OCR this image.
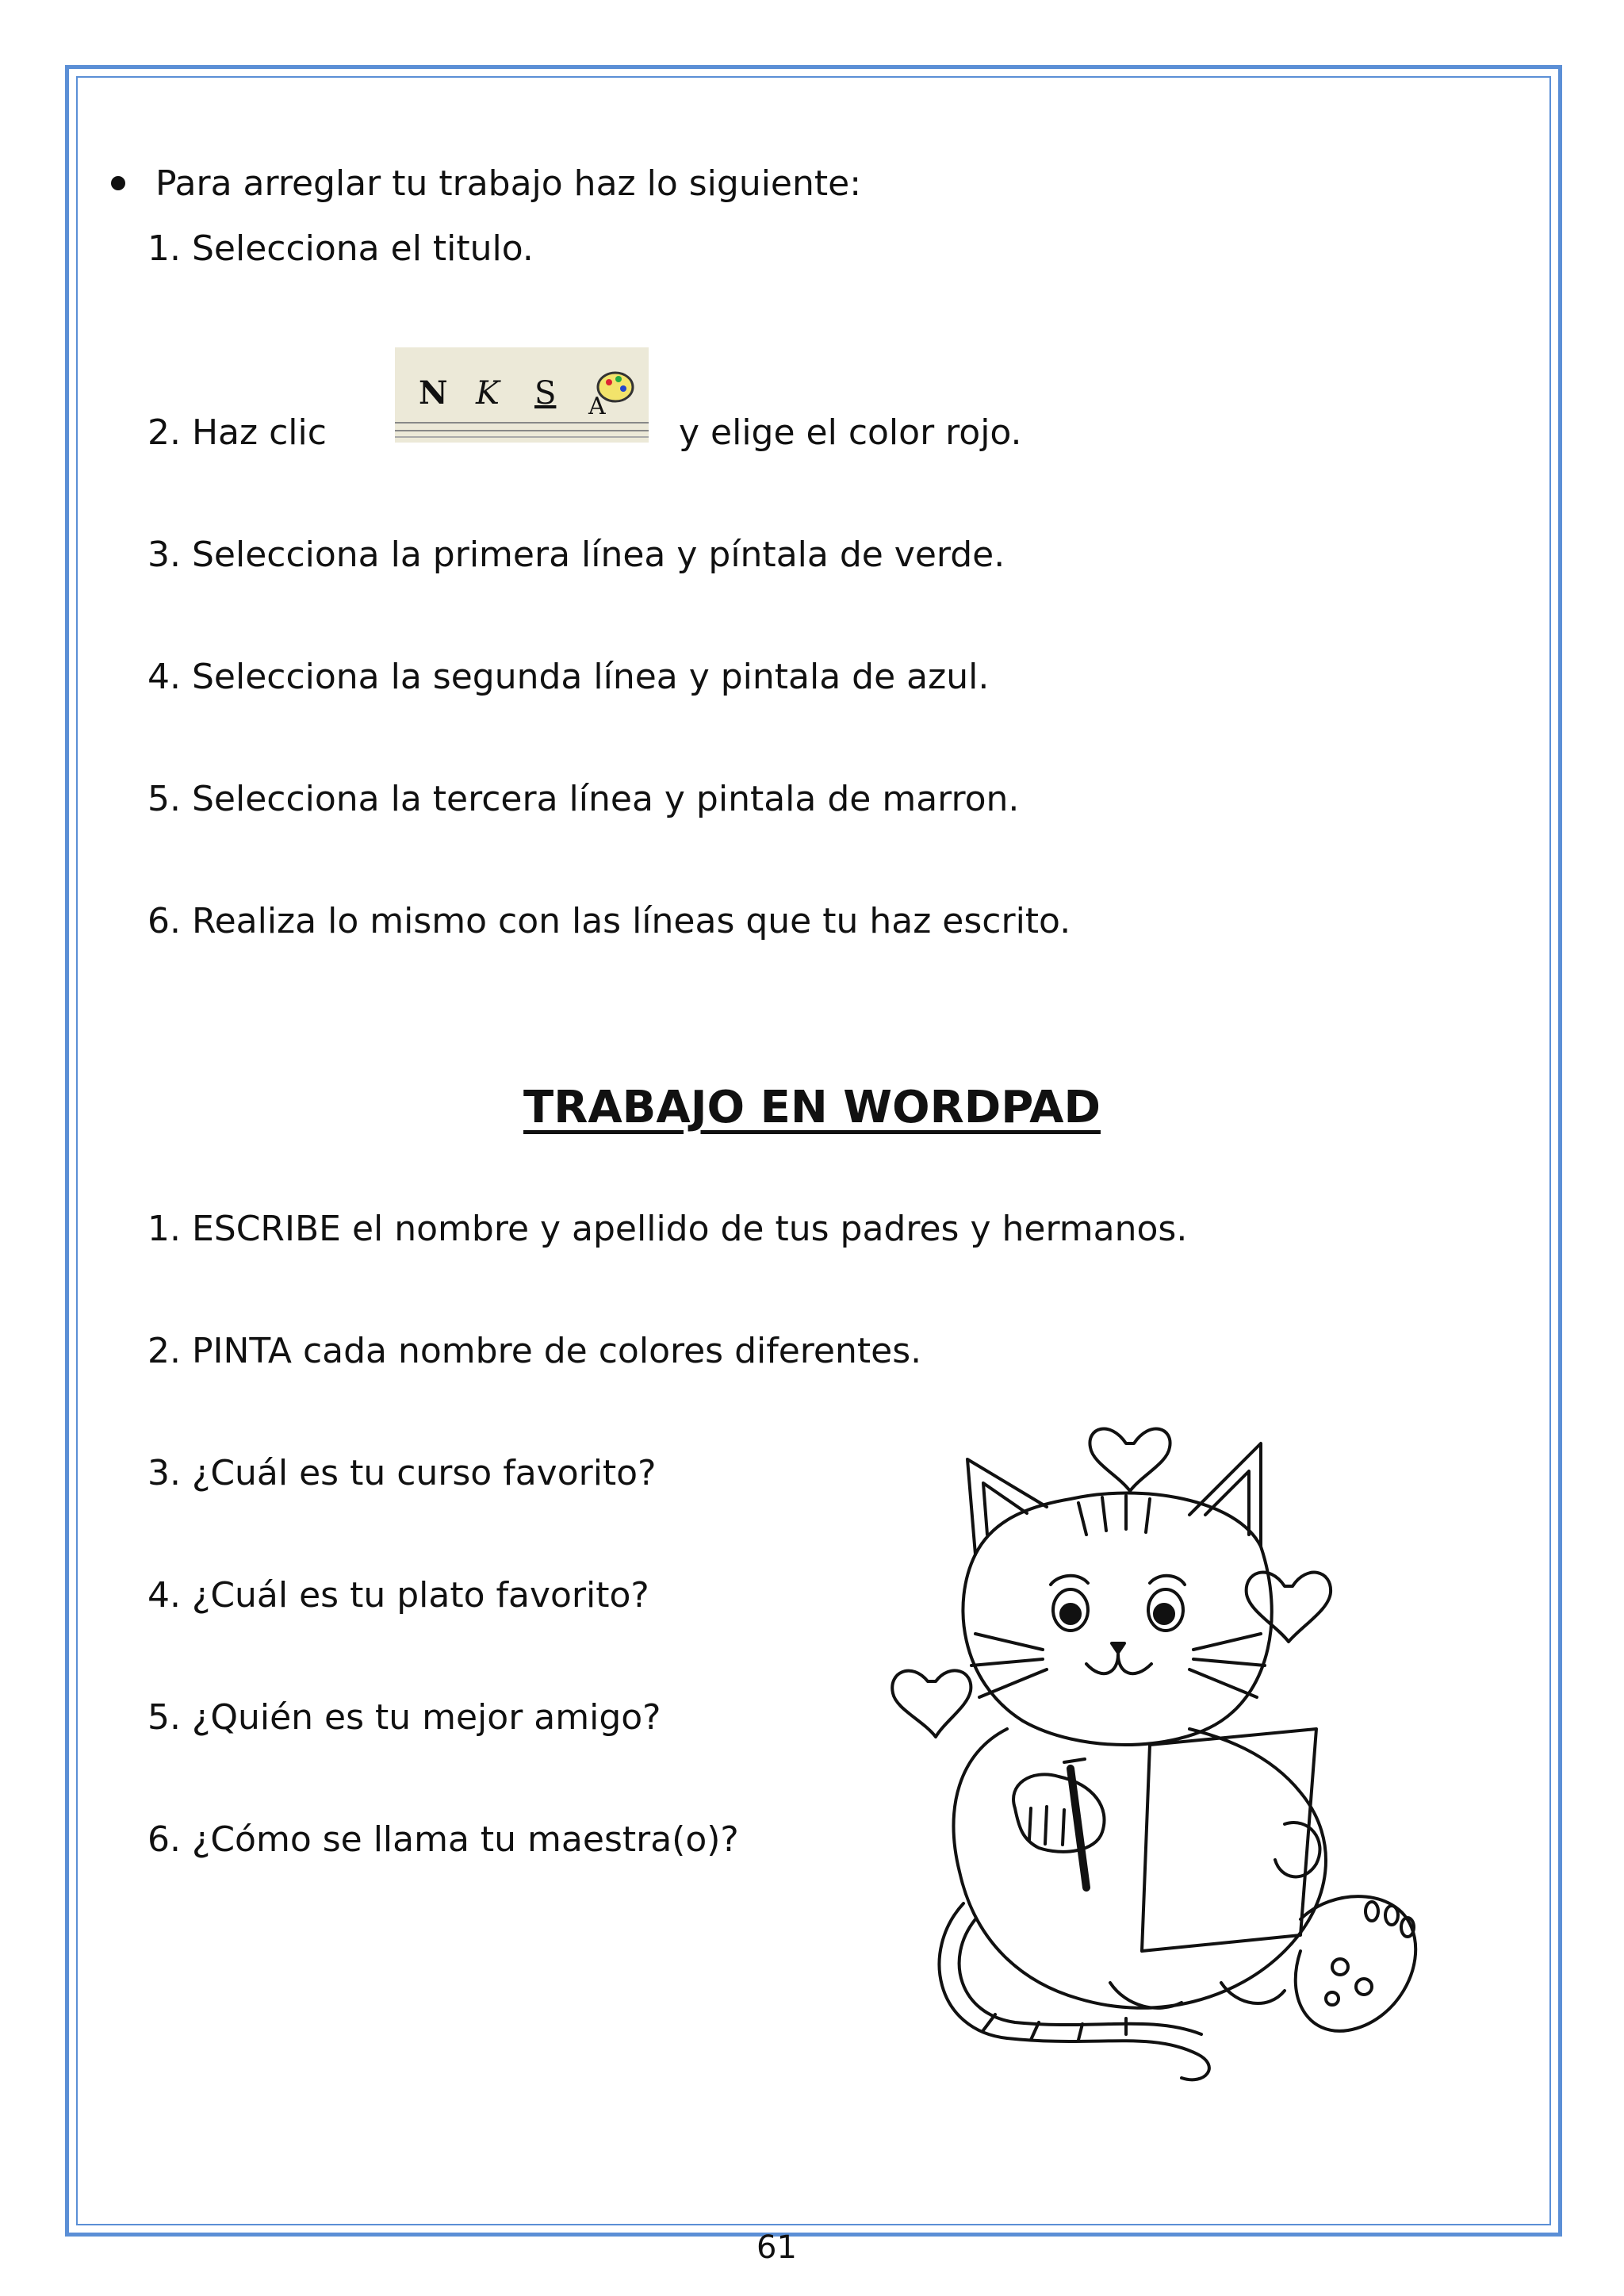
Para arreglar tu trabajo haz lo siguiente:
1. Selecciona el titulo.
2. Haz clic
N K S A
y elige el color rojo.
3. Selecciona la primera línea y píntala de verde.
4. Selecciona la segunda línea y pintala de azul.
5. Selecciona la tercera línea y pintala de marron.
6. Realiza lo mismo con las líneas que tu haz escrito.
TRABAJO EN WORDPAD
1. ESCRIBE el nombre y apellido de tus padres y hermanos.
2. PINTA cada nombre de colores diferentes.
3. ¿Cuál es tu curso favorito?
4. ¿Cuál es tu plato favorito?
5. ¿Quién es tu mejor amigo?
6. ¿Cómo se llama tu maestra(o)?
61
